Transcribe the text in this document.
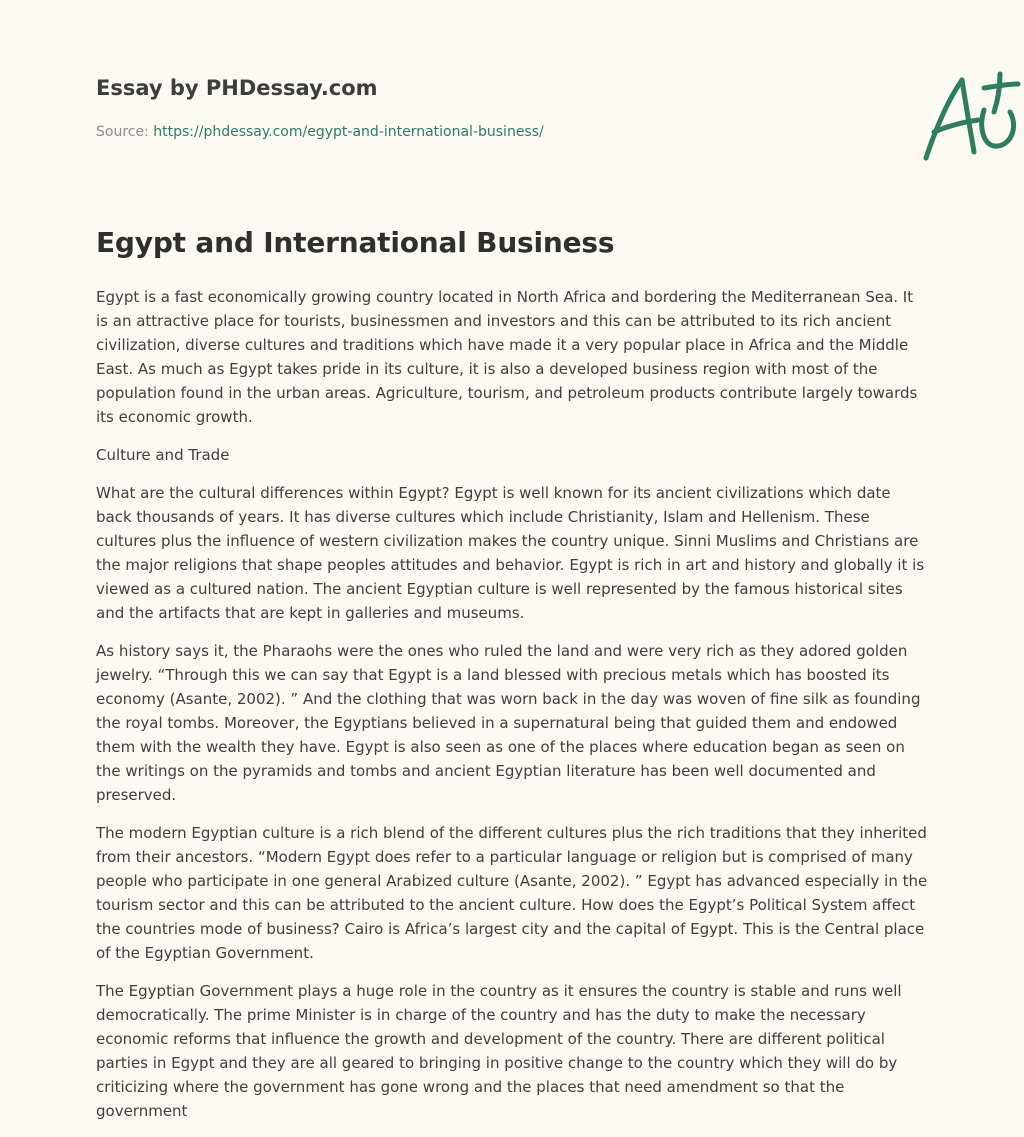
Essay by PHDessay.com
Source: https://phdessay.com/egypt-and-international-business/
Egypt and International Business

Egypt is a fast economically growing country located in North Africa and bordering the Mediterranean Sea. It is an attractive place for tourists, businessmen and investors and this can be attributed to its rich ancient civilization, diverse cultures and traditions which have made it a very popular place in Africa and the Middle East. As much as Egypt takes pride in its culture, it is also a developed business region with most of the population found in the urban areas. Agriculture, tourism, and petroleum products contribute largely towards its economic growth.

Culture and Trade

What are the cultural differences within Egypt? Egypt is well known for its ancient civilizations which date back thousands of years. It has diverse cultures which include Christianity, Islam and Hellenism. These cultures plus the influence of western civilization makes the country unique. Sinni Muslims and Christians are the major religions that shape peoples attitudes and behavior. Egypt is rich in art and history and globally it is viewed as a cultured nation. The ancient Egyptian culture is well represented by the famous historical sites and the artifacts that are kept in galleries and museums.

As history says it, the Pharaohs were the ones who ruled the land and were very rich as they adored golden jewelry. “Through this we can say that Egypt is a land blessed with precious metals which has boosted its economy (Asante, 2002). ” And the clothing that was worn back in the day was woven of fine silk as founding the royal tombs. Moreover, the Egyptians believed in a supernatural being that guided them and endowed them with the wealth they have. Egypt is also seen as one of the places where education began as seen on the writings on the pyramids and tombs and ancient Egyptian literature has been well documented and preserved.

The modern Egyptian culture is a rich blend of the different cultures plus the rich traditions that they inherited from their ancestors. “Modern Egypt does refer to a particular language or religion but is comprised of many people who participate in one general Arabized culture (Asante, 2002). ” Egypt has advanced especially in the tourism sector and this can be attributed to the ancient culture. How does the Egypt’s Political System affect the countries mode of business? Cairo is Africa’s largest city and the capital of Egypt. This is the Central place of the Egyptian Government.

The Egyptian Government plays a huge role in the country as it ensures the country is stable and runs well democratically. The prime Minister is in charge of the country and has the duty to make the necessary economic reforms that influence the growth and development of the country. There are different political parties in Egypt and they are all geared to bringing in positive change to the country which they will do by criticizing where the government has gone wrong and the places that need amendment so that the government
